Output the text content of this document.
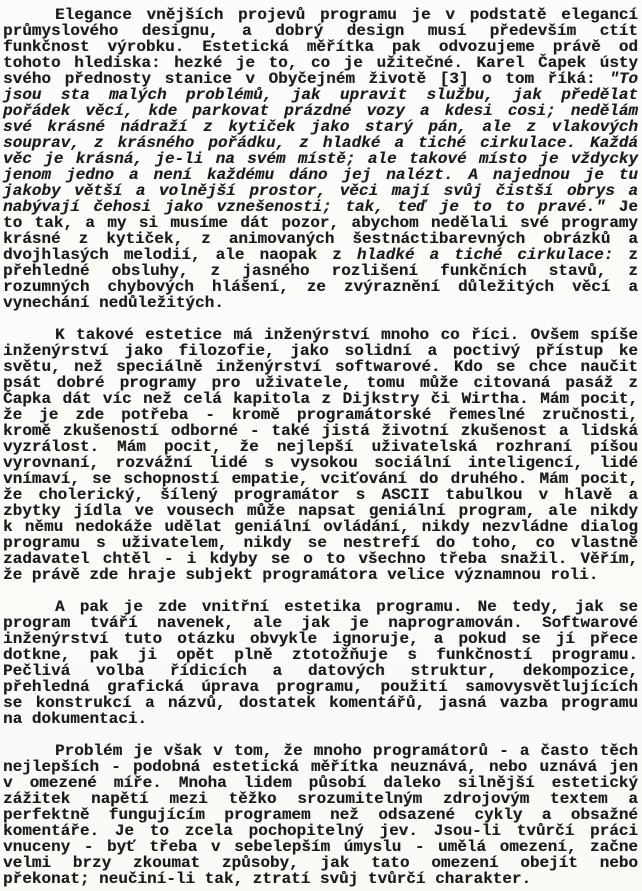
Elegance vnějších projevů programu je v podstatě elegancí
průmyslového designu, a dobrý design musí především ctít
funkčnost výrobku. Estetická měřítka pak odvozujeme právě od
tohoto hlediska: hezké je to, co je užitečné. Karel Čapek ústy
svého přednosty stanice v Obyčejném životě [3] o tom říká: "To
jsou sta malých problémů, jak upravit službu, jak předělat
pořádek věcí, kde parkovat prázdné vozy a kdesi cosi; nedělám
své krásné nádraží z kytiček jako starý pán, ale z vlakových
souprav, z krásného pořádku, z hladké a tiché cirkulace. Každá
věc je krásná, je-li na svém místě; ale takové místo je vždycky
jenom jedno a není každému dáno jej nalézt. A najednou je tu
jakoby větší a volnější prostor, věci mají svůj čistší obrys a
nabývají čehosi jako vznešenosti; tak, teď je to to pravé." Je
to tak, a my si musíme dát pozor, abychom nedělali své programy
krásné z kytiček, z animovaných šestnáctibarevných obrázků a
dvojhlasých melodií, ale naopak z hladké a tiché cirkulace: z
přehledné obsluhy, z jasného rozlišení funkčních stavů, z
rozumných chybových hlášení, ze zvýraznění důležitých věcí a
vynechání nedůležitých.
K takové estetice má inženýrství mnoho co říci. Ovšem spíše
inženýrství jako filozofie, jako solidní a poctivý přístup ke
světu, než speciálně inženýrství softwarové. Kdo se chce naučit
psát dobré programy pro uživatele, tomu může citovaná pasáž z
Čapka dát víc než celá kapitola z Dijkstry či Wirtha. Mám pocit,
že je zde potřeba - kromě programátorské řemeslné zručnosti,
kromě zkušeností odborné - také jistá životní zkušenost a lidská
vyzrálost. Mám pocit, že nejlepší uživatelská rozhraní píšou
vyrovnaní, rozvážní lidé s vysokou sociální inteligencí, lidé
vnímaví, se schopností empatie, vciťování do druhého. Mám pocit,
že cholerický, šílený programátor s ASCII tabulkou v hlavě a
zbytky jídla ve vousech může napsat geniální program, ale nikdy
k němu nedokáže udělat geniální ovládání, nikdy nezvládne dialog
programu s uživatelem, nikdy se nestrefí do toho, co vlastně
zadavatel chtěl - i kdyby se o to všechno třeba snažil. Věřím,
že právě zde hraje subjekt programátora velice významnou roli.
A pak je zde vnitřní estetika programu. Ne tedy, jak se
program tváří navenek, ale jak je naprogramován. Softwarové
inženýrství tuto otázku obvykle ignoruje, a pokud se jí přece
dotkne, pak ji opět plně ztotožňuje s funkčností programu.
Pečlivá volba řídicích a datových struktur, dekompozice,
přehledná grafická úprava programu, použití samovysvětlujících
se konstrukcí a názvů, dostatek komentářů, jasná vazba programu
na dokumentaci.
Problém je však v tom, že mnoho programátorů - a často těch
nejlepších - podobná estetická měřítka neuznává, nebo uznává jen
v omezené míře. Mnoha lidem působí daleko silnější estetický
zážitek napětí mezi těžko srozumitelným zdrojovým textem a
perfektně fungujícím programem než odsazené cykly a obsažné
komentáře. Je to zcela pochopitelný jev. Jsou-li tvůrčí práci
vnuceny - byť třeba v sebelepším úmyslu - umělá omezení, začne
velmi brzy zkoumat způsoby, jak tato omezení obejít nebo
překonat; neučiní-li tak, ztratí svůj tvůrčí charakter.
